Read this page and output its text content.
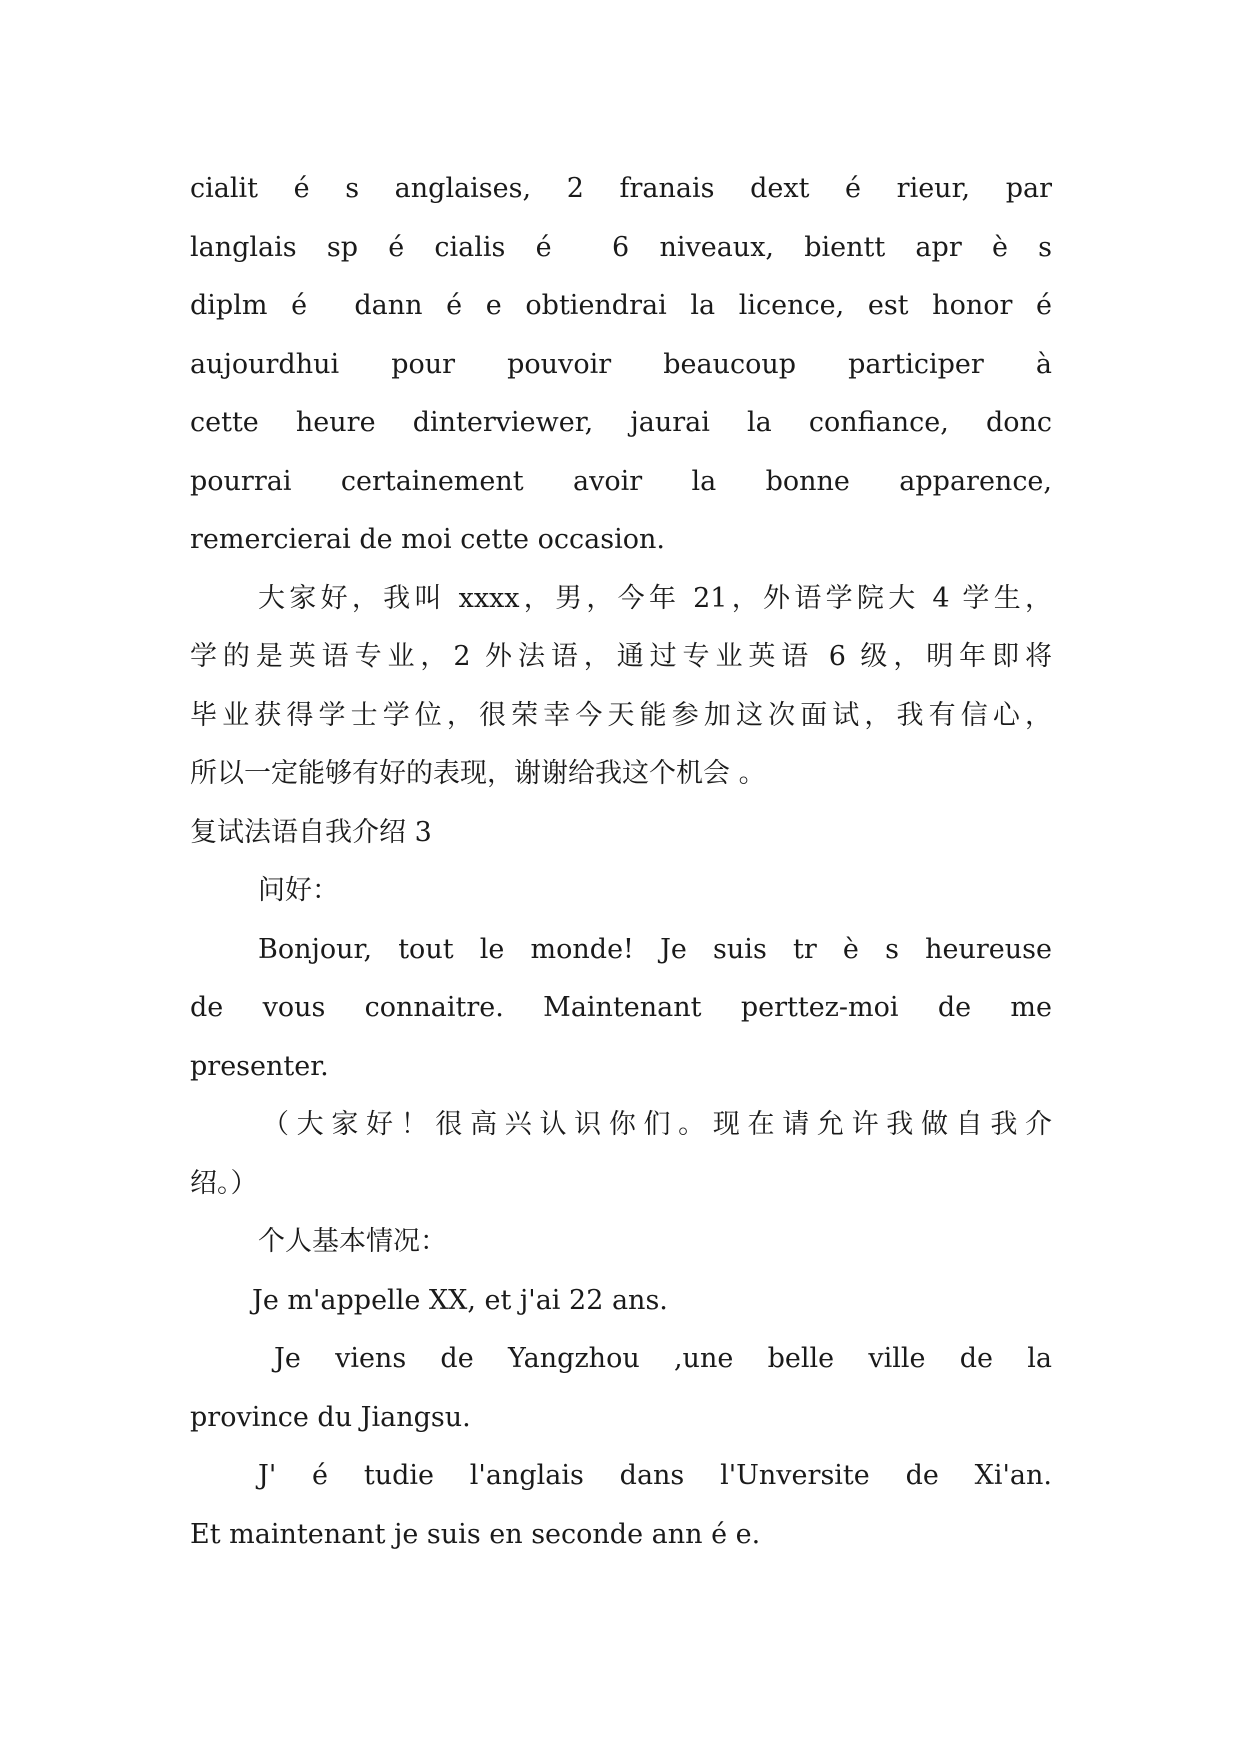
cialit é s anglaises, 2 franais dext é rieur, par
langlais sp é cialis é  6 niveaux, bientt apr è s
diplm é  dann é e obtiendrai la licence, est honor é
aujourdhui pour pouvoir beaucoup participer à
cette heure dinterviewer, jaurai la confiance, donc
pourrai certainement avoir la bonne apparence,
remercierai de moi cette occasion.
大家好，我叫 xxxx，男，今年 21，外语学院大 4 学生，
学的是英语专业，2 外法语，通过专业英语 6 级，明年即将
毕业获得学士学位，很荣幸今天能参加这次面试，我有信心，
所以一定能够有好的表现，谢谢给我这个机会 。
复试法语自我介绍 3
问好：
Bonjour, tout le monde! Je suis tr è s heureuse
de vous connaitre. Maintenant perttez-moi de me
presenter.
（大家好！很高兴认识你们。现在请允许我做自我介
绍。）
个人基本情况：
Je m'appelle XX, et j'ai 22 ans.
Je viens de Yangzhou ,une belle ville de la
province du Jiangsu.
J' é tudie l'anglais dans l'Unversite de Xi'an.
Et maintenant je suis en seconde ann é e.
